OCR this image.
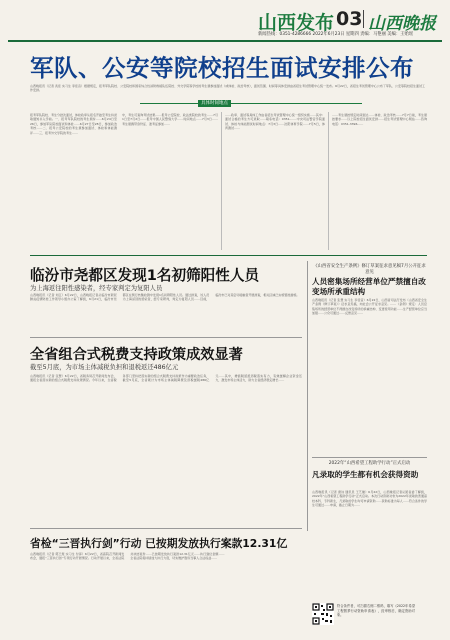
山西发布 03 山西晚报
新闻热线：0351-4286666 2022年6月23日 星期四 责编：马艳丽 美编：王贻瑶
军队、公安等院校招生面试安排公布
山西晚报讯（记者 武佳 实习生 李佳音）根据规定，报考军队院校、公安院校和国家综合性消防救援队伍院校、外交学院等学校的考生须参加面试（或体检、政治考核），面试范围、时间等具体安排由省招生考试管理中心统一发布。6月22日，省招生考试管理中心公布了军队、公安等院校招生面试工作安排。
具体时间地点
报考军队院校、考生分批次面试，体检政审从报名开始至考生持录取通知书入学前。一、报考军队院校的考生须持……6月24日至26日，参加军队院校面试和体检……6月27日至28日，参加政治考核……二、报考公安院校的考生须参加面试、体检和体能测评……三、报考外交学院的考生……
中，考生可查询考试结果……报考公安院校、政法类院校的考生……7月1日至7月2日……报考中国人民警察大学……时间地点……7月3日……考生须携带身份证、准考证参加……
……政审、面试等具体工作由省招生考试管理中心统一组织实施……其中：面试合格的考生方可录取……联系电话：0351-……中央司法警官学院面试、体检与体能测试时间地点：7月3日……沈阳体育学院……7月5日，体育测试……
……考生须按规定时间到达……体检、政治考核……7月7日前，考生须按要求……以上院校招生面试安排……招生考试管理中心网站……咨询电话：0351-3396……
临汾市尧都区发现1名初筛阳性人员
为上海返往阳性感染者，经专家判定为复阳人员
山西晚报讯（记者 刘江）6月22日，山西晚报记者从临汾市新冠肺炎疫情防控工作领导小组办公室了解到，6月21日，临汾市尧都区在例行核酸检测中发现1名初筛阳性人员。通过排查，该人员为上海返回的感染者，经专家研判，判定为复阳人员……目前，临汾市已对其密切接触者开展排查，相关区域已实施管控措施。
全省组合式税费支持政策成效显著
截至5月底，为市场主体减税负担和退税返还486亿元
山西晚报讯（记者 张慧）6月22日，省税务局召开新闻发布会，通报全省落实新的组合式税费支持政策情况。今年以来，全省税务部门坚持把落实新的组合式税费支持政策作为重要政治任务，截至5月底，全省累计为市场主体减税降费及退税缓税486亿元……其中，增值税留抵退税落实有力，有效缓解企业资金压力，激发市场主体活力，助力全省经济稳定增长……
省检“三晋执行剑”行动 已按期发放执行案款12.31亿
山西晚报讯（记者 郭王煜 实习生 付泽）6月22日，省高院召开新闻发布会，通报“三晋执行剑”专项行动开展情况。行动开展以来，全省法院共执结案件……已按期发放执行案款12.31亿元……执行到位金额……全省法院将持续加大执行力度，切实维护胜诉当事人合法权益……
《山西省安全生产条例》修订草案征求意见稿7月公开征求意见
人员密集场所经营单位严禁擅自改变场所承重结构
山西晚报讯（记者 张慧 实习生 李佳音）6月22日，山西省司法厅发布《山西省安全生产条例（修订草案）》征求意见稿，向社会公开征求意见。……《条例》规定：人员密集场所的经营单位不得擅自改变场所的承重结构、变更使用功能……生产经营单位应当加强……公众可通过……反馈意见……
2022年“山西希望工程助学行动”正式启动
凡录取的学生都有机会获得资助
山西晚报讯（记者 唐诗 通讯员 王艺璇）6月22日，山西晚报记者从团省委了解到，2022年“山西希望工程助学行动”正式启动。本次行动资助对象为2022年录取的普通高校本科、专科新生，凡录取的学生均可申请资助……资助标准为每人……符合条件的学生可通过……申请，截止日期为……
符合条件者，可扫描右侧二维码，填写《2022年希望工程圆梦行动资助申请表》，经审核后，确定资助对象。
